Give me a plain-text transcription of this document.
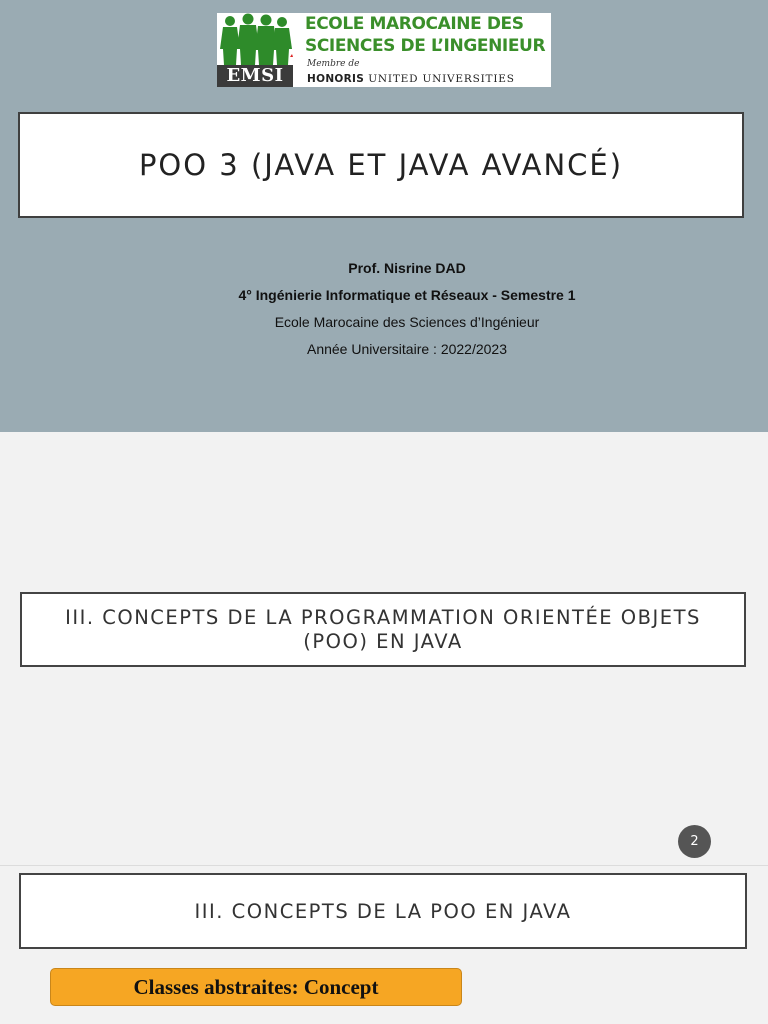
EMSI
ECOLE MAROCAINE DES
SCIENCES DE L’INGENIEUR
Membre de
HONORIS UNITED UNIVERSITIES
POO 3 (JAVA ET JAVA AVANCÉ)
Prof. Nisrine DAD
4° Ingénierie Informatique et Réseaux - Semestre 1
Ecole Marocaine des Sciences d’Ingénieur
Année Universitaire : 2022/2023
III. CONCEPTS DE LA PROGRAMMATION ORIENTÉE OBJETS
(POO) EN JAVA
2
III. CONCEPTS DE LA POO EN JAVA
Classes abstraites: Concept
